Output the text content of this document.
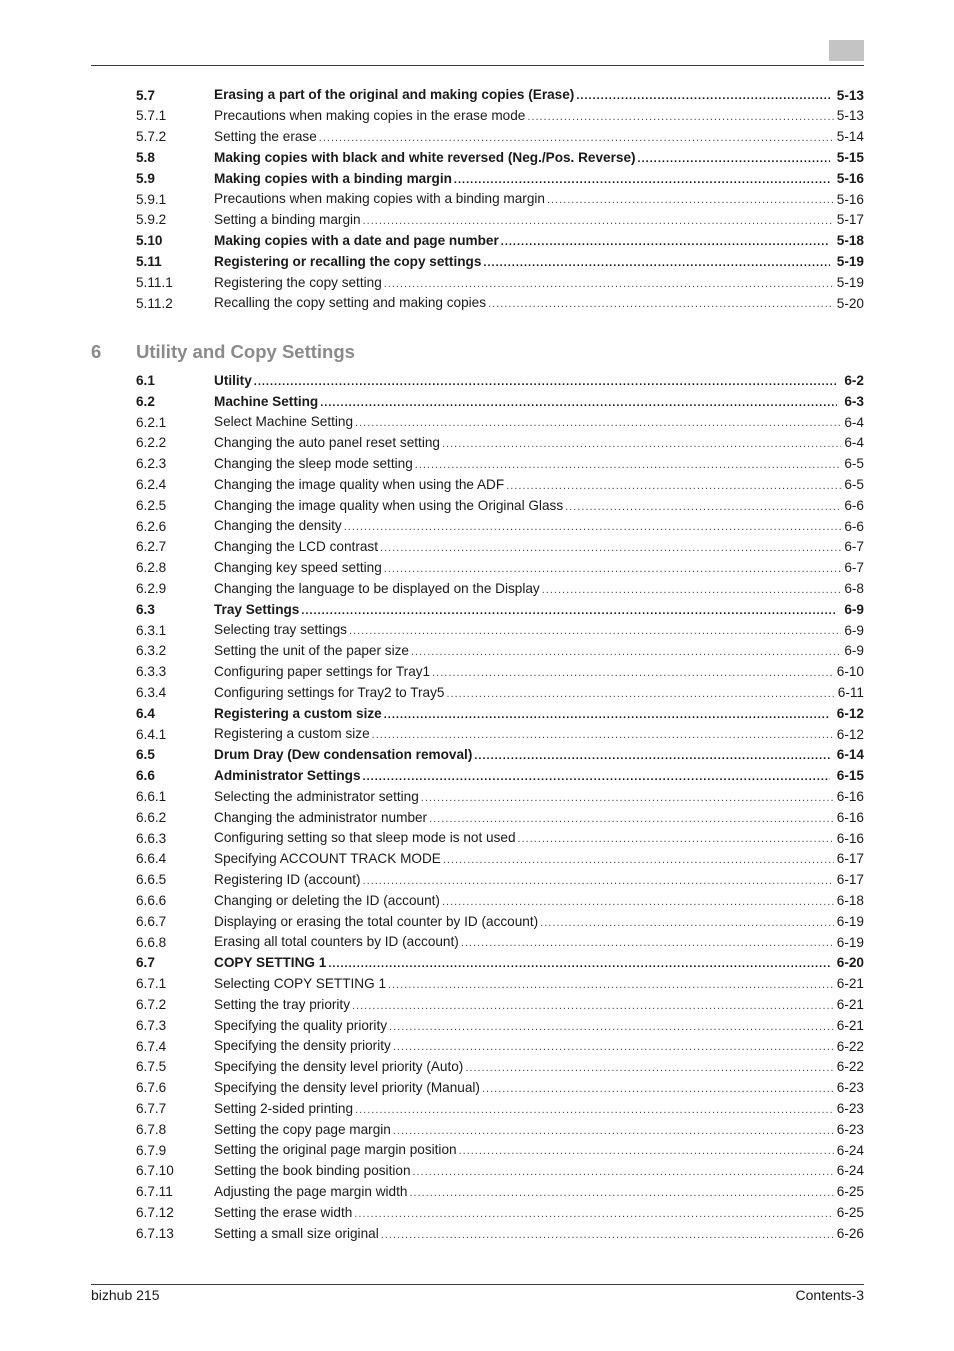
5.7	Erasing a part of the original and making copies (Erase) .....	5-13
5.7.1	Precautions when making copies in the erase mode .....	5-13
5.7.2	Setting the erase .....	5-14
5.8	Making copies with black and white reversed (Neg./Pos. Reverse) .....	5-15
5.9	Making copies with a binding margin .....	5-16
5.9.1	Precautions when making copies with a binding margin .....	5-16
5.9.2	Setting a binding margin .....	5-17
5.10	Making copies with a date and page number .....	5-18
5.11	Registering or recalling the copy settings .....	5-19
5.11.1	Registering the copy setting .....	5-19
5.11.2	Recalling the copy setting and making copies .....	5-20
6	Utility and Copy Settings
6.1	Utility .....	6-2
6.2	Machine Setting .....	6-3
6.2.1	Select Machine Setting .....	6-4
6.2.2	Changing the auto panel reset setting .....	6-4
6.2.3	Changing the sleep mode setting .....	6-5
6.2.4	Changing the image quality when using the ADF .....	6-5
6.2.5	Changing the image quality when using the Original Glass .....	6-6
6.2.6	Changing the density .....	6-6
6.2.7	Changing the LCD contrast .....	6-7
6.2.8	Changing key speed setting .....	6-7
6.2.9	Changing the language to be displayed on the Display .....	6-8
6.3	Tray Settings .....	6-9
6.3.1	Selecting tray settings .....	6-9
6.3.2	Setting the unit of the paper size .....	6-9
6.3.3	Configuring paper settings for Tray1 .....	6-10
6.3.4	Configuring settings for Tray2 to Tray5 .....	6-11
6.4	Registering a custom size .....	6-12
6.4.1	Registering a custom size .....	6-12
6.5	Drum Dray (Dew condensation removal) .....	6-14
6.6	Administrator Settings .....	6-15
6.6.1	Selecting the administrator setting .....	6-16
6.6.2	Changing the administrator number .....	6-16
6.6.3	Configuring setting so that sleep mode is not used .....	6-16
6.6.4	Specifying ACCOUNT TRACK MODE .....	6-17
6.6.5	Registering ID (account) .....	6-17
6.6.6	Changing or deleting the ID (account) .....	6-18
6.6.7	Displaying or erasing the total counter by ID (account) .....	6-19
6.6.8	Erasing all total counters by ID (account) .....	6-19
6.7	COPY SETTING 1 .....	6-20
6.7.1	Selecting COPY SETTING 1 .....	6-21
6.7.2	Setting the tray priority .....	6-21
6.7.3	Specifying the quality priority .....	6-21
6.7.4	Specifying the density priority .....	6-22
6.7.5	Specifying the density level priority (Auto) .....	6-22
6.7.6	Specifying the density level priority (Manual) .....	6-23
6.7.7	Setting 2-sided printing .....	6-23
6.7.8	Setting the copy page margin .....	6-23
6.7.9	Setting the original page margin position .....	6-24
6.7.10	Setting the book binding position .....	6-24
6.7.11	Adjusting the page margin width .....	6-25
6.7.12	Setting the erase width .....	6-25
6.7.13	Setting a small size original .....	6-26
bizhub 215	Contents-3
